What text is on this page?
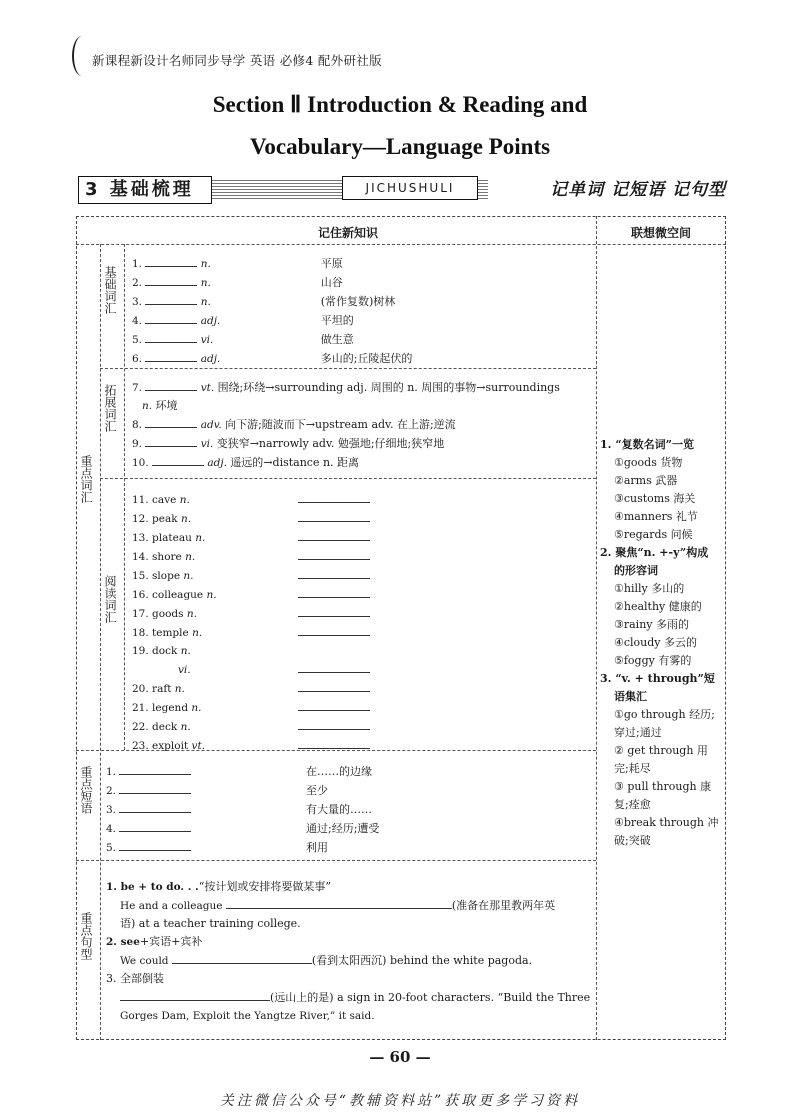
新课程新设计名师同步导学 英语 必修4 配外研社版
Section Ⅱ Introduction & Reading and
Vocabulary—Language Points
3 基础梳理	JICHUSHULI	记单词 记短语 记句型
记住新知识	联想微空间
重点词汇
基础词汇
拓展词汇
阅读词汇
重点短语
重点句型
1.	n.	平原
2.	n.	山谷
3.	n.	(常作复数)树林
4.	adj.	平坦的
5.	vi.	做生意
6.	adj.	多山的;丘陵起伏的
7.	vt. 围绕;环绕→surrounding adj. 周围的 n. 周围的事物→surroundings
n. 环境
8.	adv. 向下游;随波而下→upstream adv. 在上游;逆流
9.	vi. 变狭窄→narrowly adv. 勉强地;仔细地;狭窄地
10.	adj. 遥远的→distance n. 距离
11. cave n.
12. peak n.
13. plateau n.
14. shore n.
15. slope n.
16. colleague n.
17. goods n.
18. temple n.
19. dock n.
vi.
20. raft n.
21. legend n.
22. deck n.
23. exploit vt.
1.	在……的边缘
2.	至少
3.	有大量的……
4.	通过;经历;遭受
5.	利用
1. be + to do. . .“按计划或安排将要做某事”
He and a colleague	(准备在那里教两年英
语) at a teacher training college.
2. see+宾语+宾补
We could	(看到太阳西沉) behind the white pagoda.
3. 全部倒装
(远山上的是) a sign in 20-foot characters. “Build the Three
Gorges Dam, Exploit the Yangtze River,” it said.
1. “复数名词”一览
①goods 货物
②arms 武器
③customs 海关
④manners 礼节
⑤regards 问候
2. 聚焦“n. +-y”构成
的形容词
①hilly 多山的
②healthy 健康的
③rainy 多雨的
④cloudy 多云的
⑤foggy 有雾的
3. “v. + through”短
语集汇
①go through 经历;
穿过;通过
② get through 用
完;耗尽
③ pull through 康
复;痊愈
④break through 冲
破;突破
— 60 —
关注微信公众号“教辅资料站”获取更多学习资料
